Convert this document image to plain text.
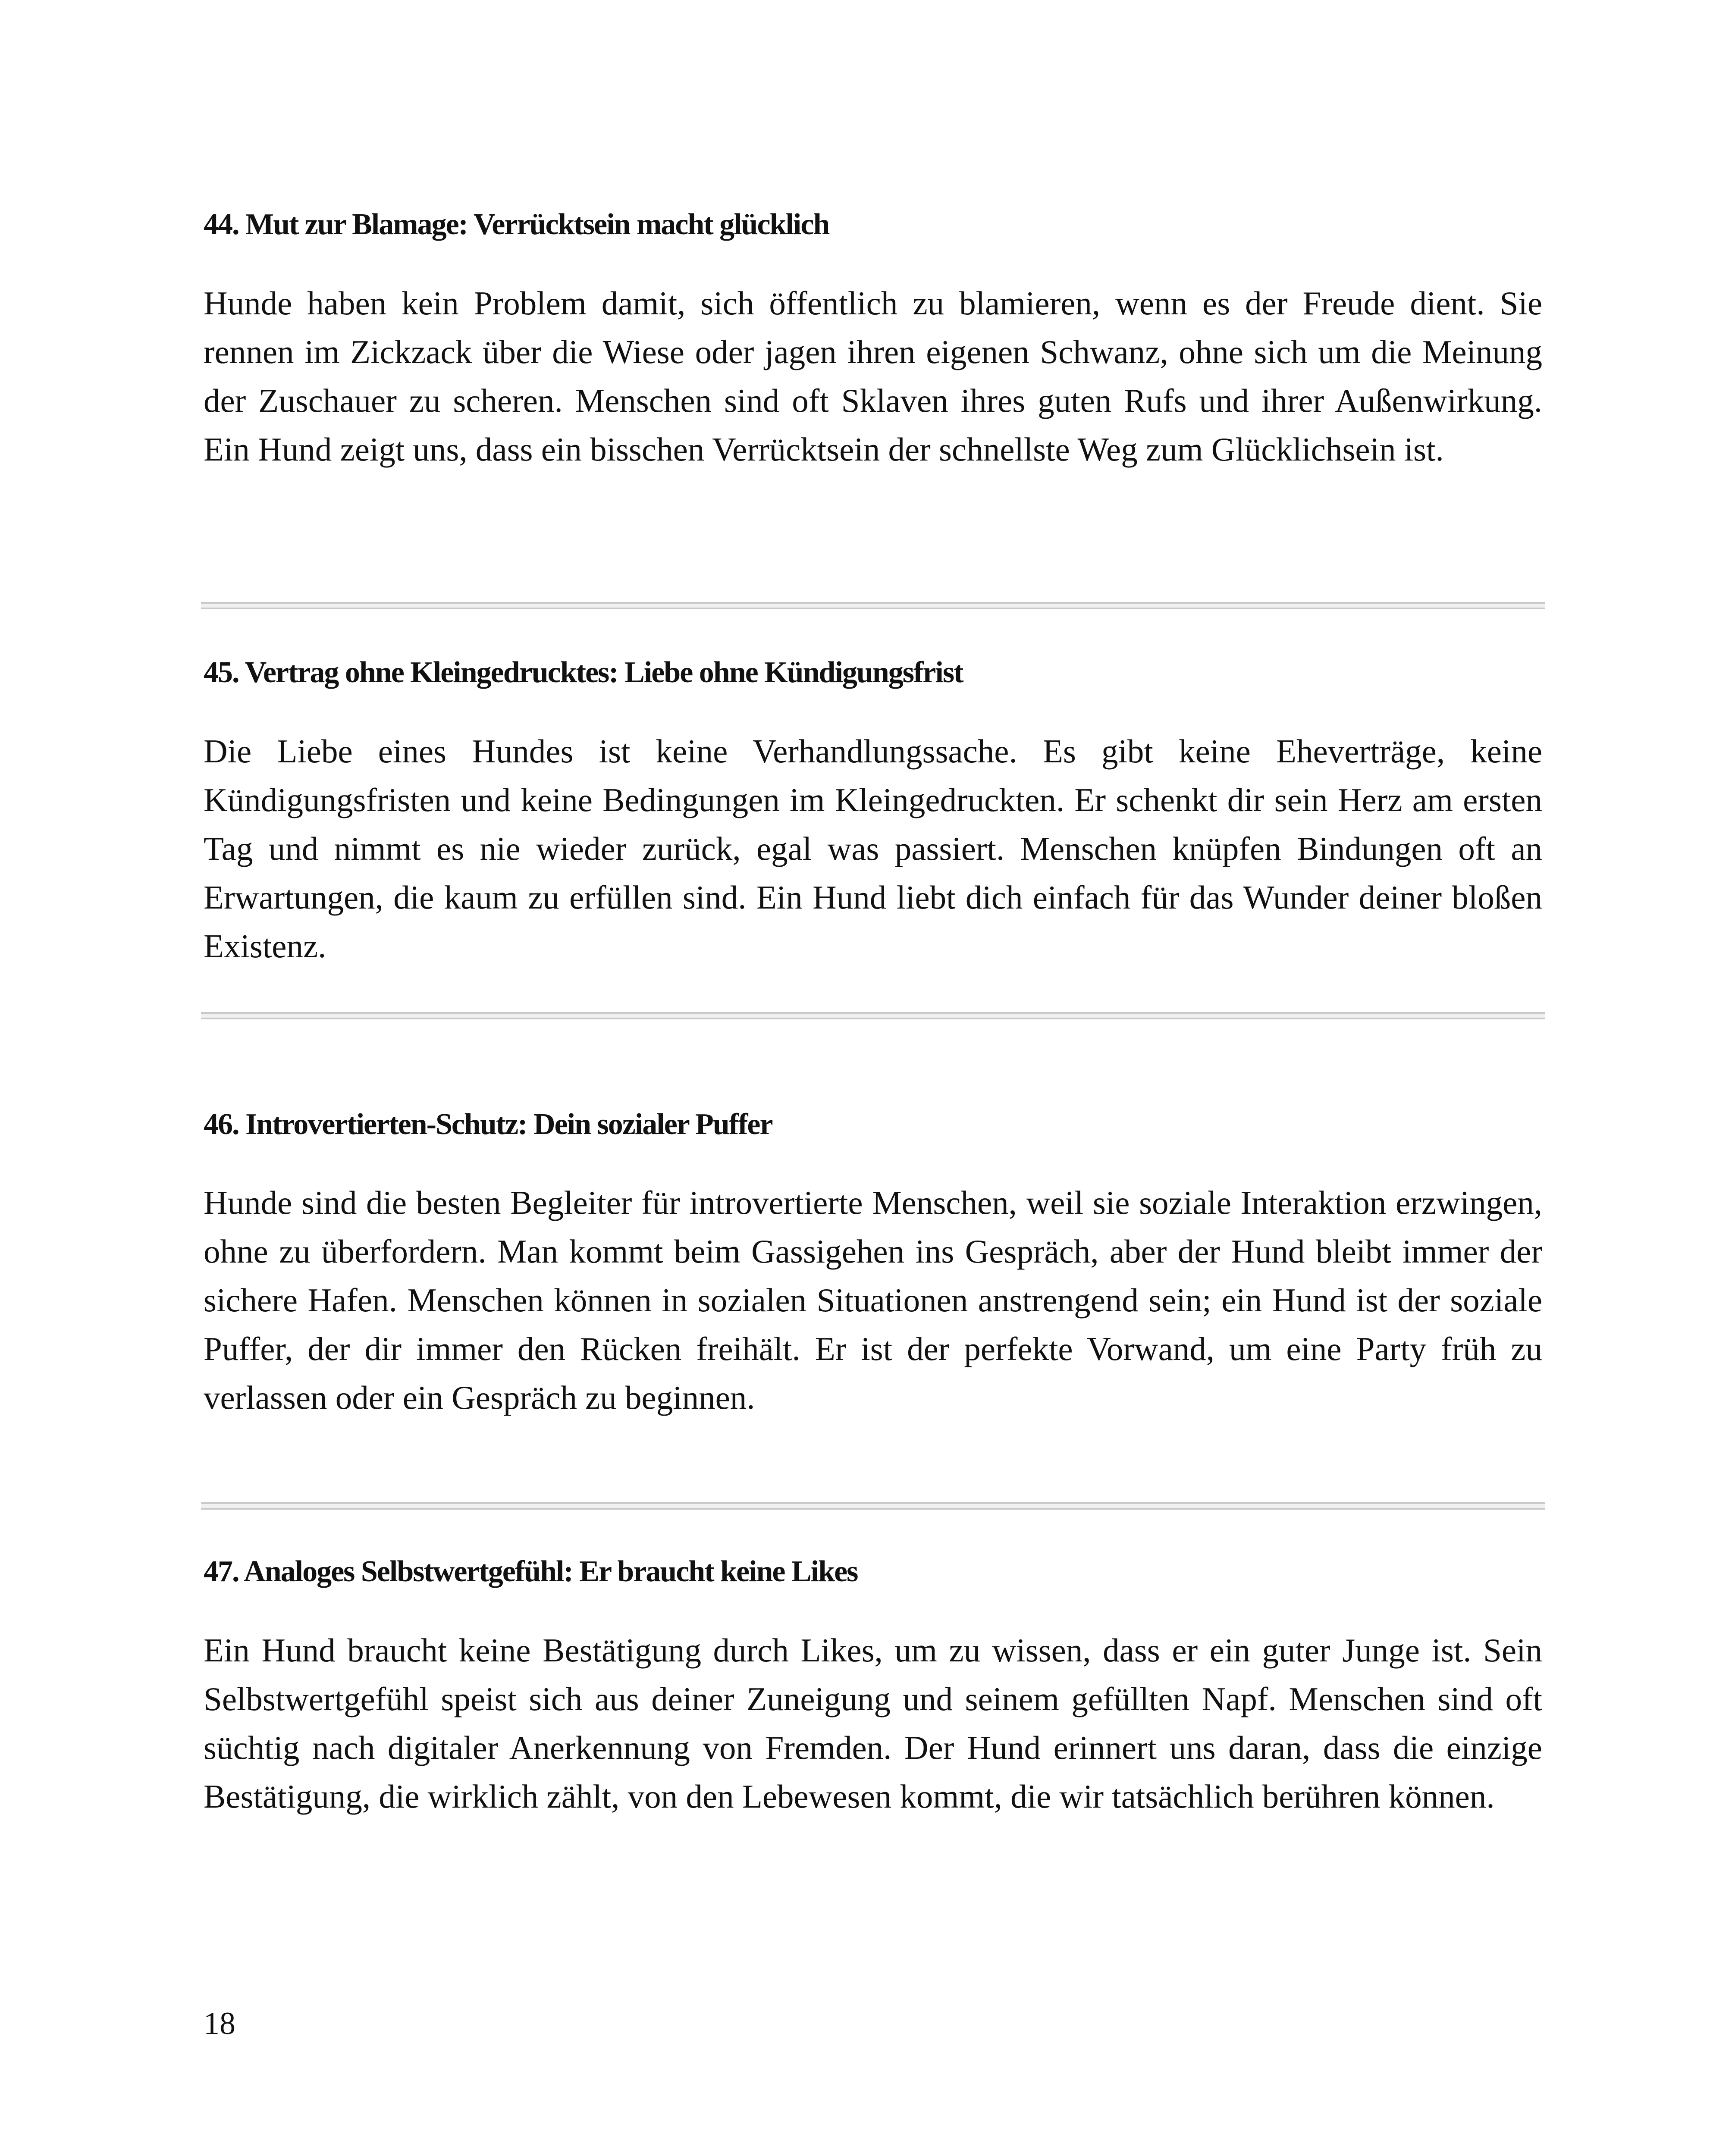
44. Mut zur Blamage: Verrücktsein macht glücklich

Hunde haben kein Problem damit, sich öffentlich zu blamieren, wenn es der Freude dient. Sie rennen im Zickzack über die Wiese oder jagen ihren eigenen Schwanz, ohne sich um die Meinung der Zuschauer zu scheren. Menschen sind oft Sklaven ihres guten Rufs und ihrer Außenwirkung. Ein Hund zeigt uns, dass ein bisschen Verrücktsein der schnellste Weg zum Glücklichsein ist.

45. Vertrag ohne Kleingedrucktes: Liebe ohne Kündigungsfrist

Die Liebe eines Hundes ist keine Verhandlungssache. Es gibt keine Eheverträge, keine Kündigungsfristen und keine Bedingungen im Kleingedruckten. Er schenkt dir sein Herz am ersten Tag und nimmt es nie wieder zurück, egal was passiert. Menschen knüpfen Bindungen oft an Erwartungen, die kaum zu erfüllen sind. Ein Hund liebt dich einfach für das Wunder deiner bloßen Existenz.

46. Introvertierten-Schutz: Dein sozialer Puffer

Hunde sind die besten Begleiter für introvertierte Menschen, weil sie soziale Interaktion erzwingen, ohne zu überfordern. Man kommt beim Gassigehen ins Gespräch, aber der Hund bleibt immer der sichere Hafen. Menschen können in sozialen Situationen anstrengend sein; ein Hund ist der soziale Puffer, der dir immer den Rücken freihält. Er ist der perfekte Vorwand, um eine Party früh zu verlassen oder ein Gespräch zu beginnen.

47. Analoges Selbstwertgefühl: Er braucht keine Likes

Ein Hund braucht keine Bestätigung durch Likes, um zu wissen, dass er ein guter Junge ist. Sein Selbstwertgefühl speist sich aus deiner Zuneigung und seinem gefüllten Napf. Menschen sind oft süchtig nach digitaler Anerkennung von Fremden. Der Hund erinnert uns daran, dass die einzige Bestätigung, die wirklich zählt, von den Lebewesen kommt, die wir tatsächlich berühren können.

18
